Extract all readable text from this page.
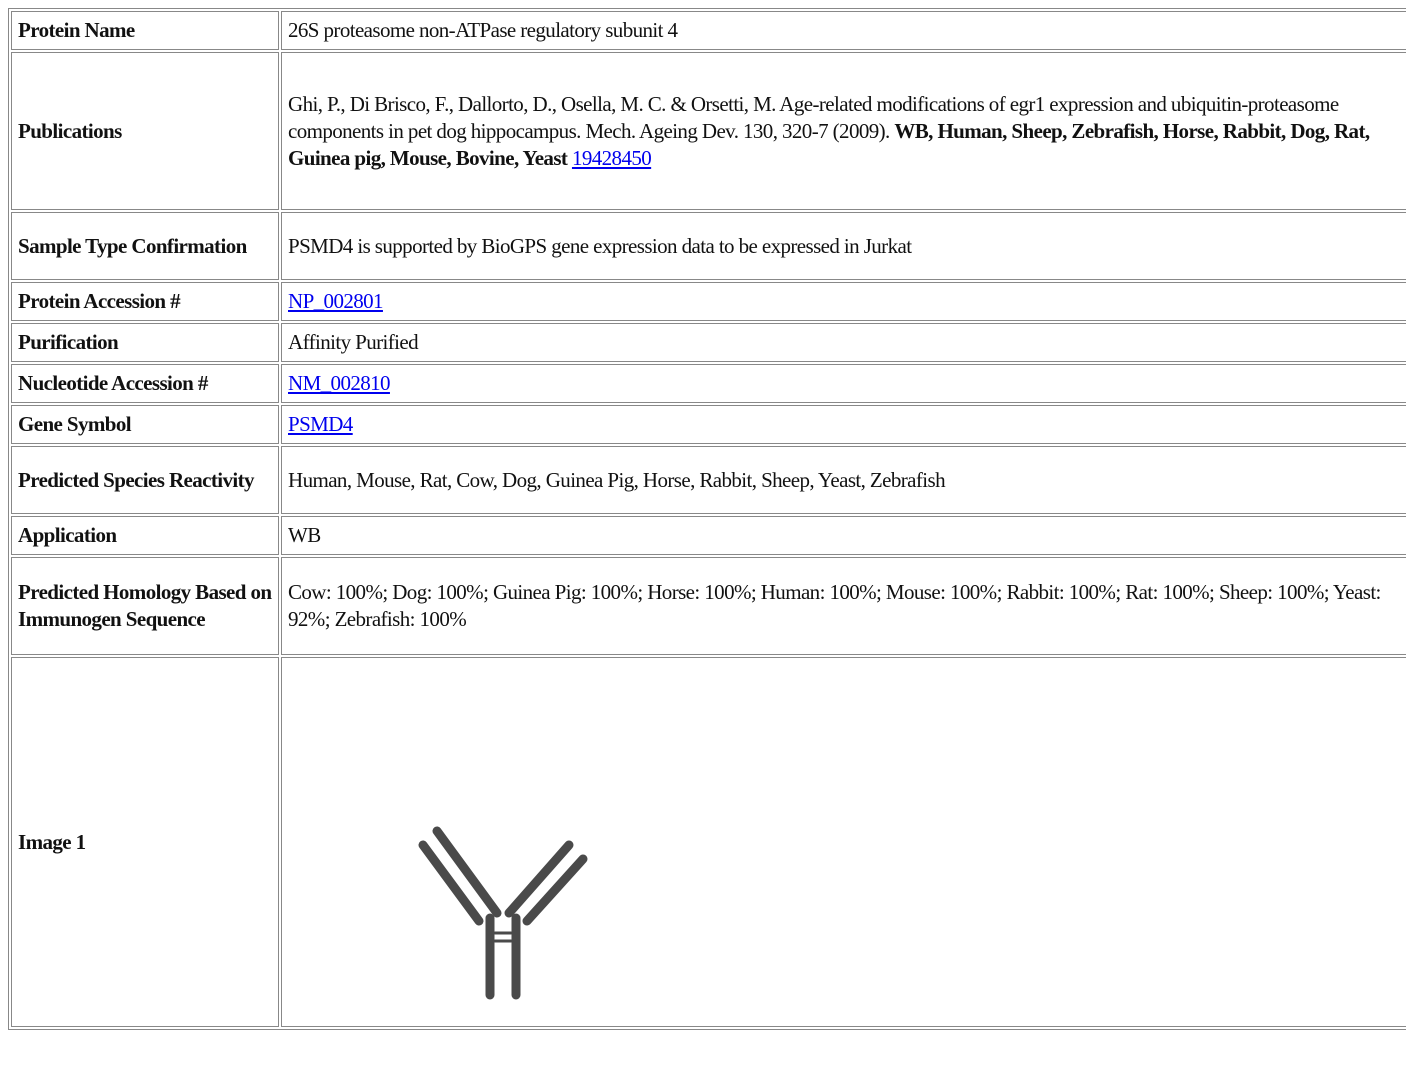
Protein Name	26S proteasome non-ATPase regulatory subunit 4
Publications	Ghi, P., Di Brisco, F., Dallorto, D., Osella, M. C. & Orsetti, M. Age-related modifications of egr1 expression and ubiquitin-proteasome components in pet dog hippocampus. Mech. Ageing Dev. 130, 320-7 (2009). WB, Human, Sheep, Zebrafish, Horse, Rabbit, Dog, Rat, Guinea pig, Mouse, Bovine, Yeast 19428450
Sample Type Confirmation	PSMD4 is supported by BioGPS gene expression data to be expressed in Jurkat
Protein Accession #	NP_002801
Purification	Affinity Purified
Nucleotide Accession #	NM_002810
Gene Symbol	PSMD4
Predicted Species Reactivity	Human, Mouse, Rat, Cow, Dog, Guinea Pig, Horse, Rabbit, Sheep, Yeast, Zebrafish
Application	WB
Predicted Homology Based on Immunogen Sequence	Cow: 100%; Dog: 100%; Guinea Pig: 100%; Horse: 100%; Human: 100%; Mouse: 100%; Rabbit: 100%; Rat: 100%; Sheep: 100%; Yeast: 92%; Zebrafish: 100%
Image 1	
